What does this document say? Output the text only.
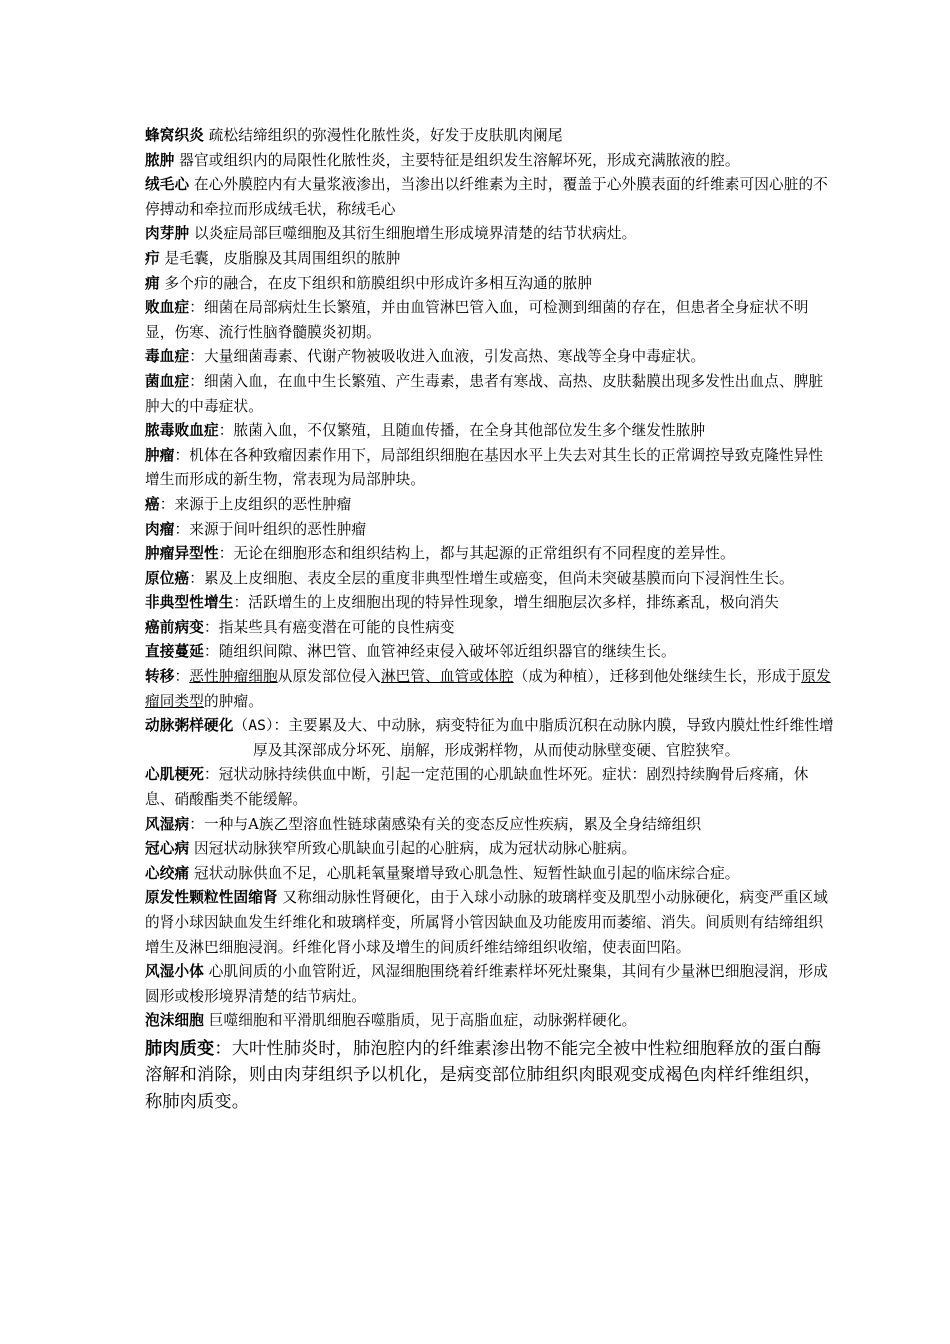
蜂窝织炎 疏松结缔组织的弥漫性化脓性炎，好发于皮肤肌肉阑尾
脓肿 器官或组织内的局限性化脓性炎，主要特征是组织发生溶解坏死，形成充满脓液的腔。
绒毛心 在心外膜腔内有大量浆液渗出，当渗出以纤维素为主时，覆盖于心外膜表面的纤维素可因心脏的不停搏动和牵拉而形成绒毛状，称绒毛心
肉芽肿 以炎症局部巨噬细胞及其衍生细胞增生形成境界清楚的结节状病灶。
疖 是毛囊，皮脂腺及其周围组织的脓肿
痈 多个疖的融合，在皮下组织和筋膜组织中形成许多相互沟通的脓肿
败血症：细菌在局部病灶生长繁殖，并由血管淋巴管入血，可检测到细菌的存在，但患者全身症状不明显，伤寒、流行性脑脊髓膜炎初期。
毒血症：大量细菌毒素、代谢产物被吸收进入血液，引发高热、寒战等全身中毒症状。
菌血症：细菌入血，在血中生长繁殖、产生毒素，患者有寒战、高热、皮肤黏膜出现多发性出血点、脾脏肿大的中毒症状。
脓毒败血症：脓菌入血，不仅繁殖，且随血传播，在全身其他部位发生多个继发性脓肿
肿瘤：机体在各种致瘤因素作用下，局部组织细胞在基因水平上失去对其生长的正常调控导致克隆性异性增生而形成的新生物，常表现为局部肿块。
癌：来源于上皮组织的恶性肿瘤
肉瘤：来源于间叶组织的恶性肿瘤
肿瘤异型性：无论在细胞形态和组织结构上，都与其起源的正常组织有不同程度的差异性。
原位癌：累及上皮细胞、表皮全层的重度非典型性增生或癌变，但尚未突破基膜而向下浸润性生长。
非典型性增生：活跃增生的上皮细胞出现的特异性现象，增生细胞层次多样，排练紊乱，极向消失
癌前病变：指某些具有癌变潜在可能的良性病变
直接蔓延：随组织间隙、淋巴管、血管神经束侵入破坏邻近组织器官的继续生长。
转移：恶性肿瘤细胞从原发部位侵入淋巴管、血管或体腔（成为种植），迁移到他处继续生长，形成于原发瘤同类型的肿瘤。
动脉粥样硬化（AS）：主要累及大、中动脉，病变特征为血中脂质沉积在动脉内膜，导致内膜灶性纤维性增厚及其深部成分坏死、崩解，形成粥样物，从而使动脉壁变硬、官腔狭窄。
心肌梗死：冠状动脉持续供血中断，引起一定范围的心肌缺血性坏死。症状：剧烈持续胸骨后疼痛，休息、硝酸酯类不能缓解。
风湿病：一种与A族乙型溶血性链球菌感染有关的变态反应性疾病，累及全身结缔组织
冠心病 因冠状动脉狭窄所致心肌缺血引起的心脏病，成为冠状动脉心脏病。
心绞痛 冠状动脉供血不足，心肌耗氧量聚增导致心肌急性、短暂性缺血引起的临床综合症。
原发性颗粒性固缩肾 又称细动脉性肾硬化，由于入球小动脉的玻璃样变及肌型小动脉硬化，病变严重区域的肾小球因缺血发生纤维化和玻璃样变，所属肾小管因缺血及功能废用而萎缩、消失。间质则有结缔组织增生及淋巴细胞浸润。纤维化肾小球及增生的间质纤维结缔组织收缩，使表面凹陷。
风湿小体 心肌间质的小血管附近，风湿细胞围绕着纤维素样坏死灶聚集，其间有少量淋巴细胞浸润，形成圆形或梭形境界清楚的结节病灶。
泡沫细胞 巨噬细胞和平滑肌细胞吞噬脂质，见于高脂血症，动脉粥样硬化。
肺肉质变：大叶性肺炎时，肺泡腔内的纤维素渗出物不能完全被中性粒细胞释放的蛋白酶溶解和消除，则由肉芽组织予以机化，是病变部位肺组织肉眼观变成褐色肉样纤维组织，称肺肉质变。
